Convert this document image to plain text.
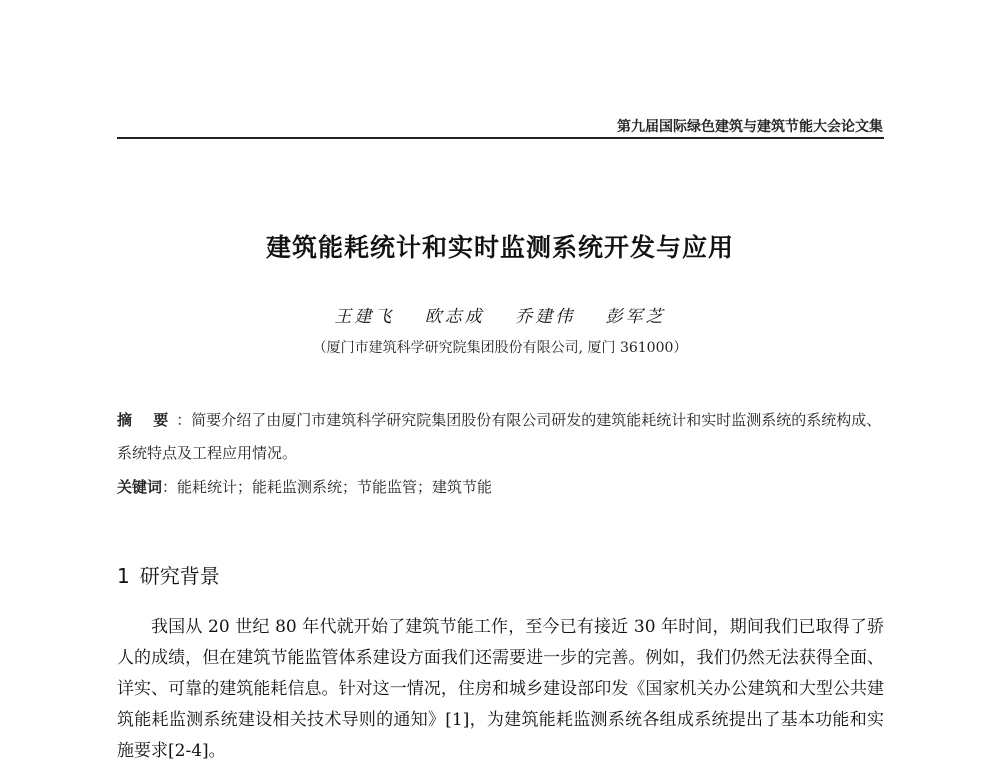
第九届国际绿色建筑与建筑节能大会论文集
建筑能耗统计和实时监测系统开发与应用
王建飞 欧志成 乔建伟 彭军芝
（厦门市建筑科学研究院集团股份有限公司, 厦门 361000）
摘 要：简要介绍了由厦门市建筑科学研究院集团股份有限公司研发的建筑能耗统计和实时监测系统的系统构成、系统特点及工程应用情况。
关键词：能耗统计；能耗监测系统；节能监管；建筑节能
1 研究背景
我国从 20 世纪 80 年代就开始了建筑节能工作，至今已有接近 30 年时间，期间我们已取得了骄人的成绩，但在建筑节能监管体系建设方面我们还需要进一步的完善。例如，我们仍然无法获得全面、详实、可靠的建筑能耗信息。针对这一情况，住房和城乡建设部印发《国家机关办公建筑和大型公共建筑能耗监测系统建设相关技术导则的通知》[1]，为建筑能耗监测系统各组成系统提出了基本功能和实施要求[2-4]。
